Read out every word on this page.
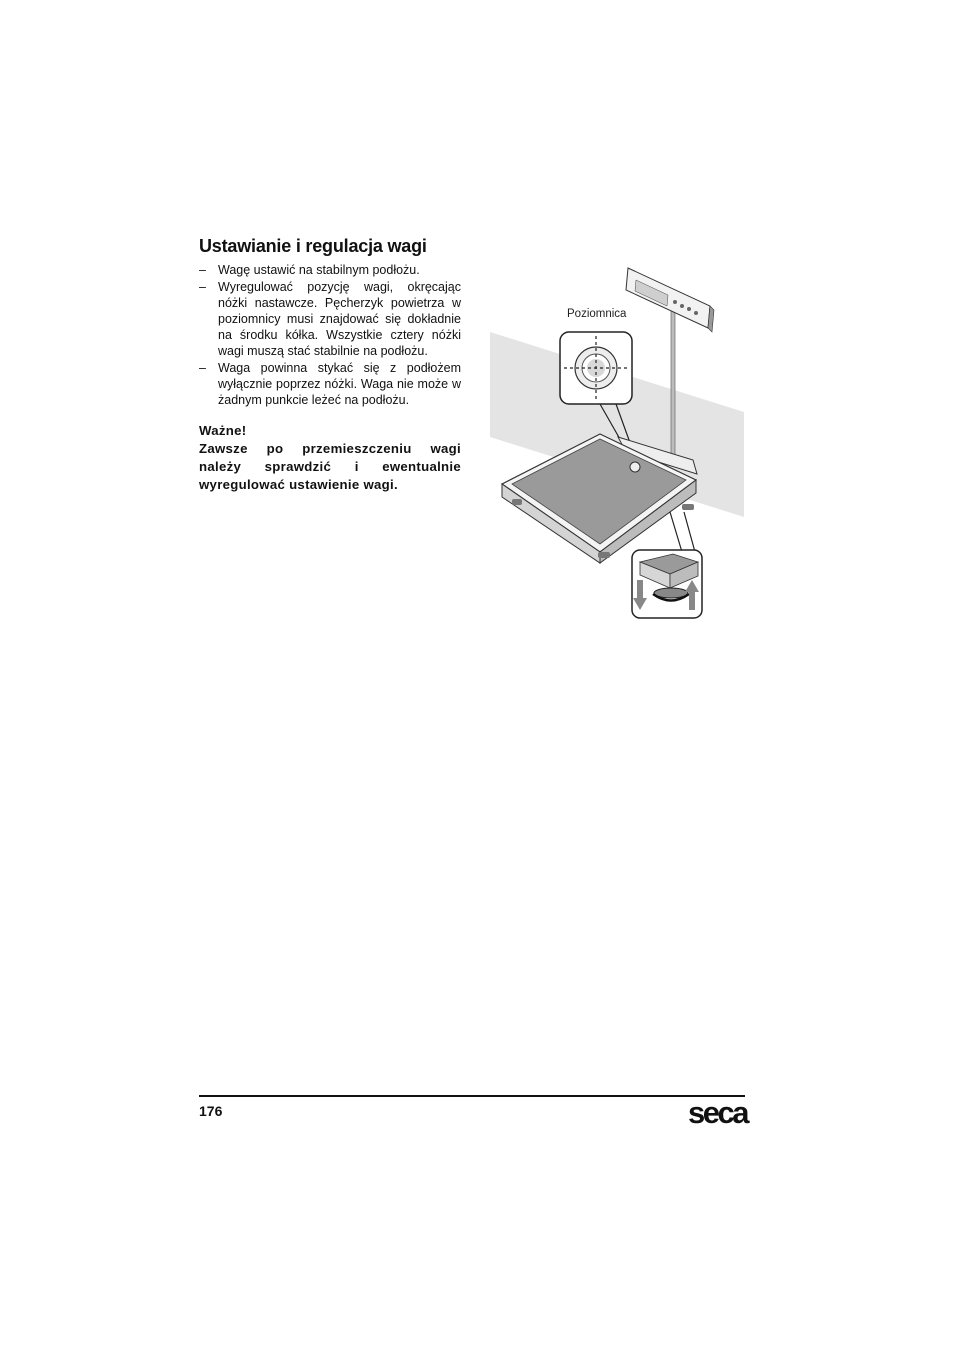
Ustawianie i regulacja wagi
– Wagę ustawić na stabilnym podłożu.
– Wyregulować pozycję wagi, okręcając nóżki nastawcze. Pęcherzyk powietrza w poziomnicy musi znajdować się dokładnie na środku kółka. Wszystkie cztery nóżki wagi muszą stać stabilnie na podłożu.
– Waga powinna stykać się z podłożem wyłącznie poprzez nóżki. Waga nie może w żadnym punkcie leżeć na podłożu.
Ważne!
Zawsze po przemieszczeniu wagi należy sprawdzić i ewentualnie wyregulować ustawienie wagi.
Poziomnica
176	seca
